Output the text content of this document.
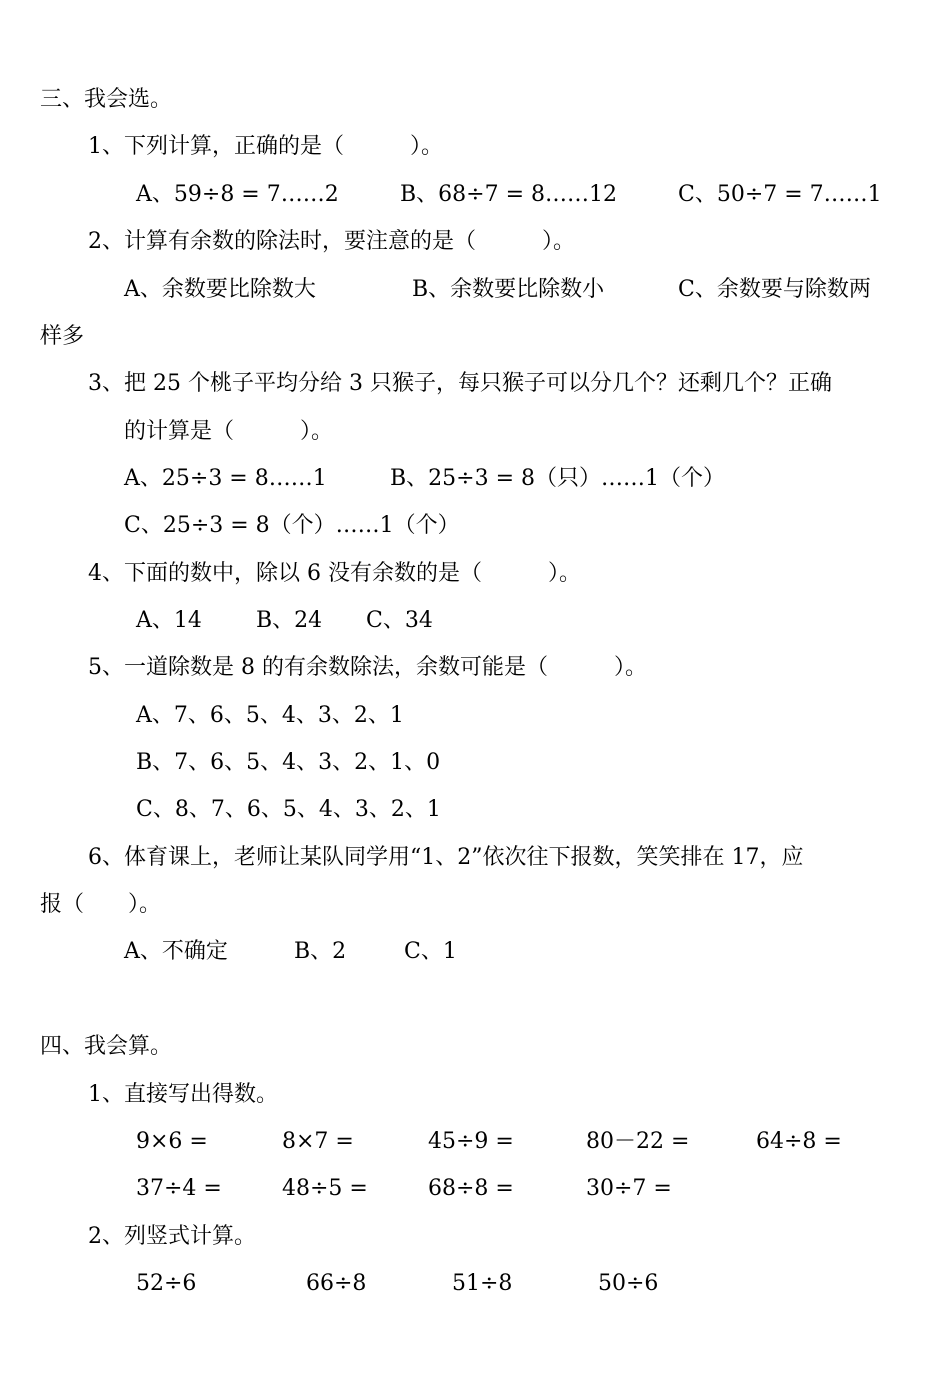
三、我会选。
1、下列计算，正确的是（　　　）。
A、59÷8 = 7……2	B、68÷7 = 8……12	C、50÷7 = 7……1
2、计算有余数的除法时，要注意的是（　　　）。
A、余数要比除数大	B、余数要比除数小	C、余数要与除数两
样多
3、把 25 个桃子平均分给 3 只猴子，每只猴子可以分几个？还剩几个？正确
的计算是（　　　）。
A、25÷3 = 8……1	B、25÷3 = 8（只）……1（个）
C、25÷3 = 8（个）……1（个）
4、下面的数中，除以 6 没有余数的是（　　　）。
A、14 B、24 C、34
5、一道除数是 8 的有余数除法，余数可能是（　　　）。
A、7、6、5、4、3、2、1
B、7、6、5、4、3、2、1、0
C、8、7、6、5、4、3、2、1
6、体育课上，老师让某队同学用“1、2”依次往下报数，笑笑排在 17，应
报（　　）。
A、不确定	B、2	C、1
四、我会算。
1、直接写出得数。
9×6 =	8×7 =	45÷9 =	80－22 =	64÷8 =
37÷4 =	48÷5 =	68÷8 =	30÷7 =
2、列竖式计算。
52÷6	66÷8	51÷8	50÷6
